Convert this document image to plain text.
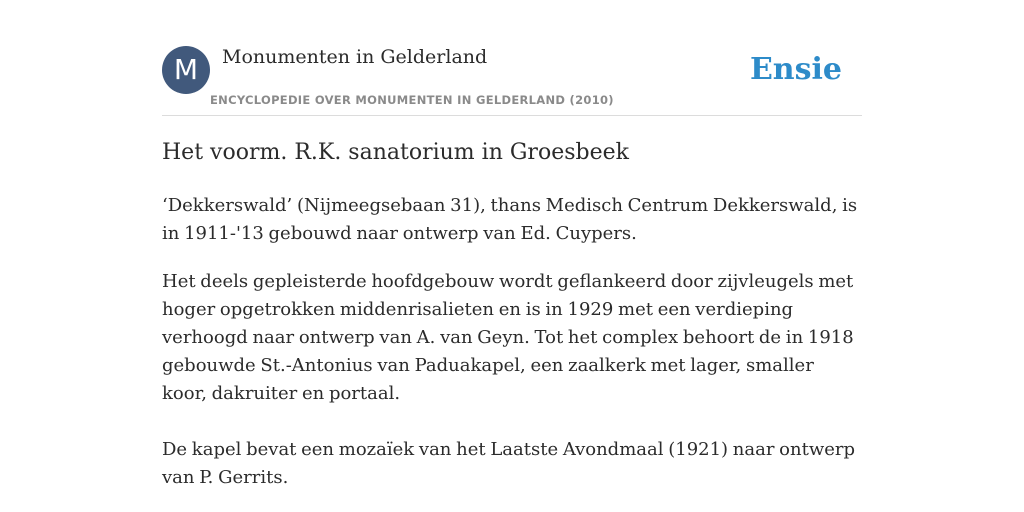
M	Monumenten in Gelderland
ENCYCLOPEDIE OVER MONUMENTEN IN GELDERLAND (2010)
Ensie
Het voorm. R.K. sanatorium in Groesbeek

‘Dekkerswald’ (Nijmeegsebaan 31), thans Medisch Centrum Dekkerswald, is in 1911-'13 gebouwd naar ontwerp van Ed. Cuypers.

Het deels gepleisterde hoofdgebouw wordt geflankeerd door zijvleugels met hoger opgetrokken middenrisalieten en is in 1929 met een verdieping verhoogd naar ontwerp van A. van Geyn. Tot het complex behoort de in 1918 gebouwde St.-Antonius van Paduakapel, een zaalkerk met lager, smaller koor, dakruiter en portaal.

De kapel bevat een mozaïek van het Laatste Avondmaal (1921) naar ontwerp van P. Gerrits.
